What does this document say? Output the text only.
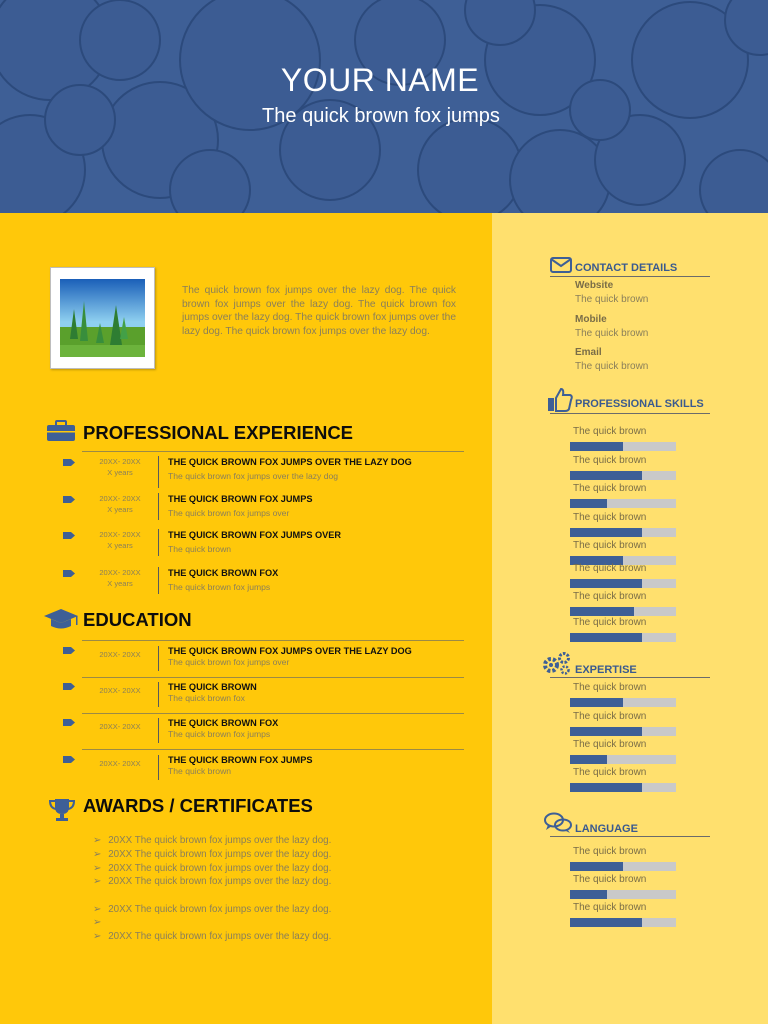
YOUR NAME
The quick brown fox jumps
The quick brown fox jumps over the lazy dog. The quick brown fox jumps over the lazy dog. The quick brown fox jumps over the lazy dog. The quick brown fox jumps over the lazy dog. The quick brown fox jumps over the lazy dog.
PROFESSIONAL EXPERIENCE
EDUCATION
AWARDS / CERTIFICATES
CONTACT DETAILS
PROFESSIONAL SKILLS
EXPERTISE
LANGUAGE
20XX- 20XX
X years
THE QUICK BROWN FOX JUMPS OVER THE LAZY DOG
The quick brown fox jumps over the lazy dog
20XX- 20XX
X years
THE QUICK BROWN FOX JUMPS
The quick brown fox jumps over
20XX- 20XX
X years
THE QUICK BROWN FOX JUMPS OVER
The quick brown
20XX- 20XX
X years
THE QUICK BROWN FOX
The quick brown fox jumps
20XX- 20XX	THE QUICK BROWN FOX JUMPS OVER THE LAZY DOG
The quick brown fox jumps over
20XX- 20XX	THE QUICK BROWN
The quick brown fox
20XX- 20XX	THE QUICK BROWN FOX
The quick brown fox jumps
20XX- 20XX	THE QUICK BROWN FOX JUMPS
The quick brown
➢ 20XX The quick brown fox jumps over the lazy dog.
➢ 20XX The quick brown fox jumps over the lazy dog.
➢ 20XX The quick brown fox jumps over the lazy dog.
➢ 20XX The quick brown fox jumps over the lazy dog.
➢ 20XX The quick brown fox jumps over the lazy dog.
➢
➢ 20XX The quick brown fox jumps over the lazy dog.
Website
The quick brown
Mobile
The quick brown
Email
The quick brown
The quick brown
The quick brown
The quick brown
The quick brown
The quick brown
The quick brown
The quick brown
The quick brown
The quick brown
The quick brown
The quick brown
The quick brown
The quick brown
The quick brown
The quick brown
